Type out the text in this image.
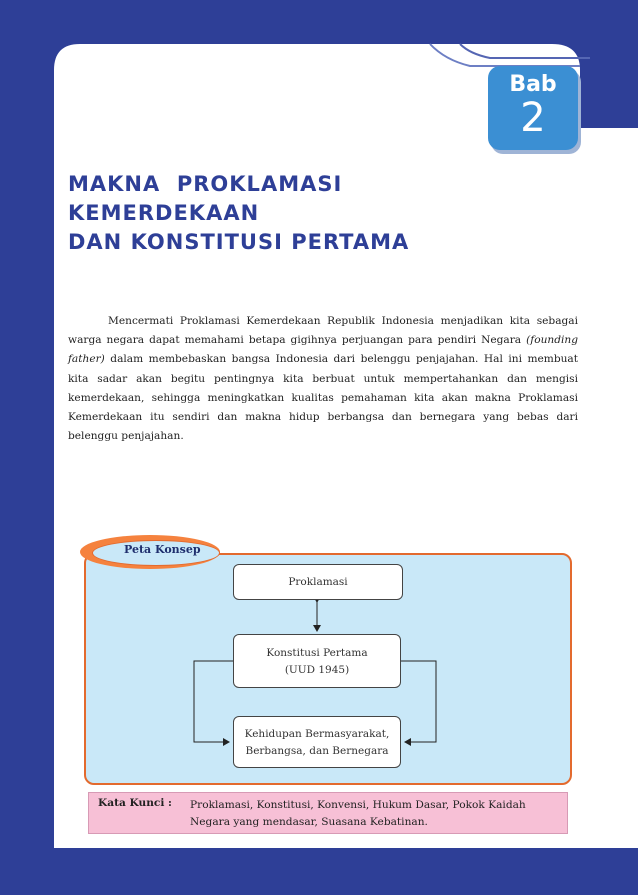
Bab
2
MAKNA  PROKLAMASI
KEMERDEKAAN
DAN KONSTITUSI PERTAMA

Mencermati Proklamasi Kemerdekaan Republik Indonesia menjadikan kita sebagai warga negara dapat memahami betapa gigihnya perjuangan para pendiri Negara (founding father) dalam membebaskan bangsa Indonesia dari belenggu penjajahan. Hal ini membuat kita sadar akan begitu pentingnya kita berbuat untuk mempertahankan dan mengisi kemerdekaan, sehingga meningkatkan kualitas pemahaman kita akan makna Proklamasi Kemerdekaan itu sendiri dan makna hidup berbangsa dan bernegara yang bebas dari belenggu penjajahan.

Peta Konsep
Proklamasi
Konstitusi Pertama
(UUD 1945)
Kehidupan Bermasyarakat,
Berbangsa, dan Bernegara
Kata Kunci : Proklamasi, Konstitusi, Konvensi, Hukum Dasar, Pokok Kaidah Negara yang mendasar, Suasana Kebatinan.
